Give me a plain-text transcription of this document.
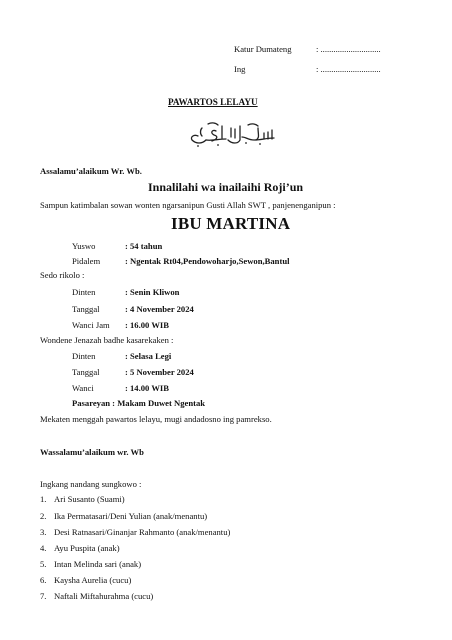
Katur Dumateng	: ............................
Ing	: ............................
PAWARTOS LELAYU
Assalamu’alaikum Wr. Wb.
Innalilahi wa inailaihi Roji’un
Sampun katimbalan sowan wonten ngarsanipun Gusti Allah SWT , panjenenganipun :
IBU MARTINA
Yuswo	: 54 tahun
Pidalem	: Ngentak Rt04,Pendowoharjo,Sewon,Bantul
Sedo rikolo :
Dinten	: Senin Kliwon
Tanggal	: 4 November 2024
Wanci Jam : 16.00 WIB
Wondene Jenazah badhe kasarekaken :
Dinten	: Selasa Legi
Tanggal	: 5 November 2024
Wanci	: 14.00 WIB
Pasareyan : Makam Duwet Ngentak
Mekaten menggah pawartos lelayu, mugi andadosno ing pamrekso.
Wassalamu’alaikum wr. Wb
Ingkang nandang sungkowo :
1. Ari Susanto (Suami)
2. Ika Permatasari/Deni Yulian (anak/menantu)
3. Desi Ratnasari/Ginanjar Rahmanto (anak/menantu)
4. Ayu Puspita (anak)
5. Intan Melinda sari (anak)
6. Kaysha Aurelia (cucu)
7. Naftali Miftahurahma (cucu)
